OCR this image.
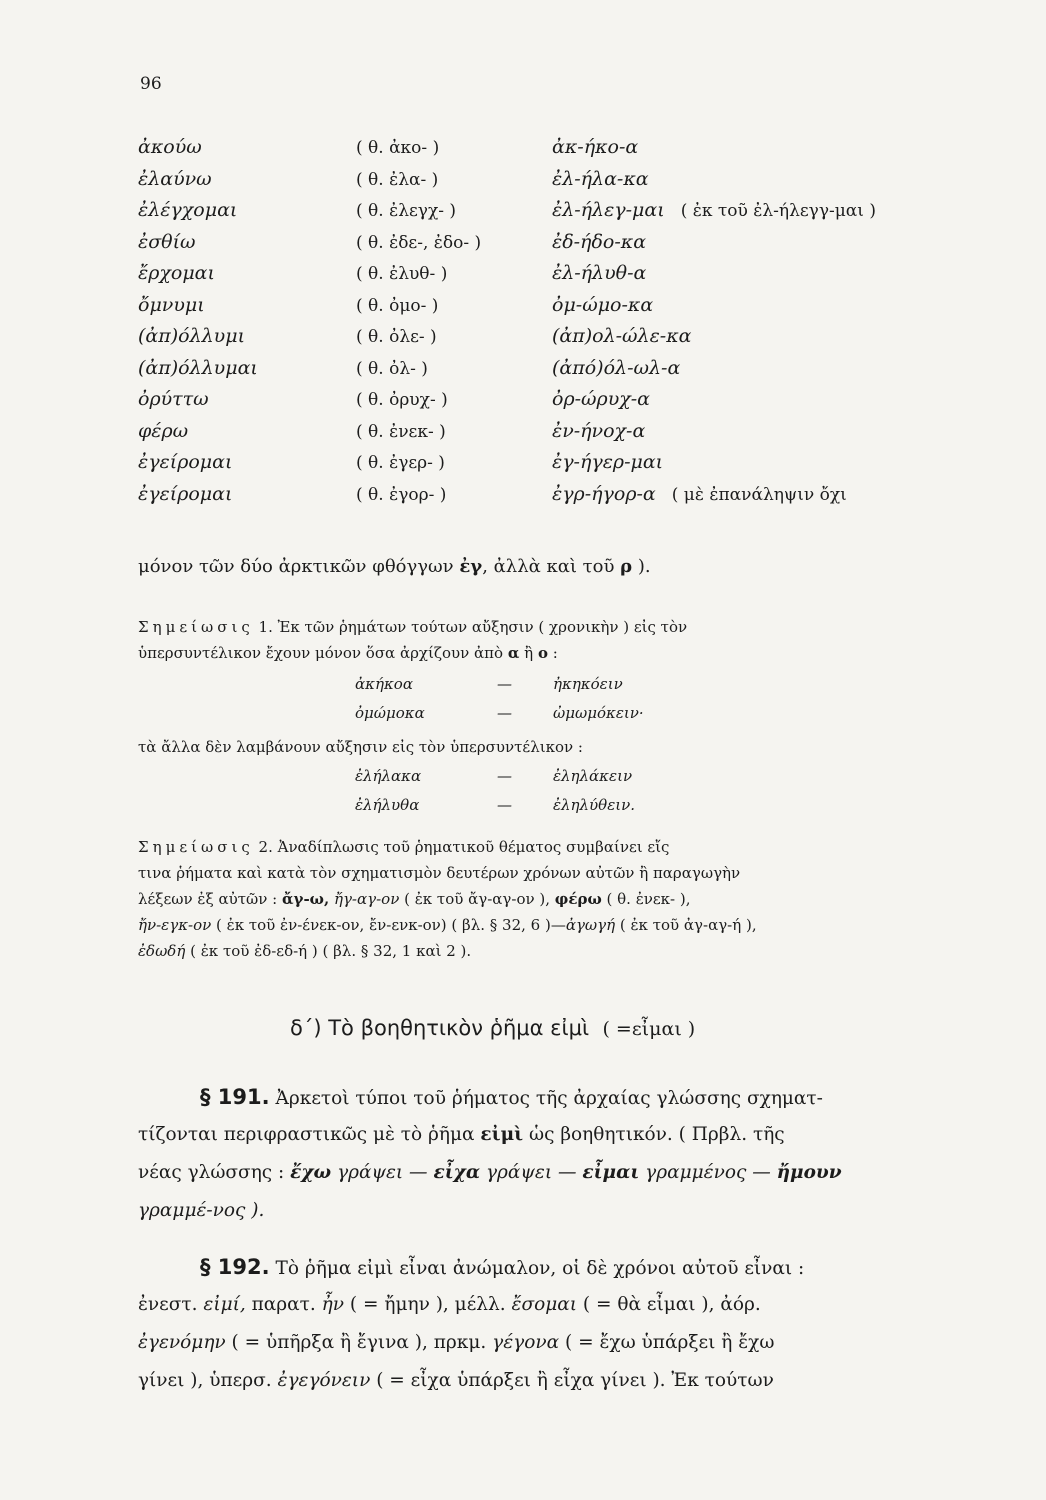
96
ἀκούω	( θ. ἀκο- )	ἀκ-ήκο-α
ἐλαύνω	( θ. ἐλα- )	ἐλ-ήλα-κα
ἐλέγχομαι	( θ. ἐλεγχ- )	ἐλ-ήλεγ-μαι ( ἐκ τοῦ ἐλ-ήλεγγ-μαι )
ἐσθίω	( θ. ἐδε-, ἐδο- )	ἐδ-ήδο-κα
ἔρχομαι	( θ. ἐλυθ- )	ἐλ-ήλυθ-α
ὄμνυμι	( θ. ὀμο- )	ὀμ-ώμο-κα
(ἀπ)όλλυμι	( θ. ὀλε- )	(ἀπ)ολ-ώλε-κα
(ἀπ)όλλυμαι	( θ. ὀλ- )	(ἀπό)όλ-ωλ-α
ὀρύττω	( θ. ὀρυχ- )	ὀρ-ώρυχ-α
φέρω	( θ. ἐνεκ- )	ἐν-ήνοχ-α
ἐγείρομαι	( θ. ἐγερ- )	ἐγ-ήγερ-μαι
ἐγείρομαι	( θ. ἐγορ- )	ἐγρ-ήγορ-α ( μὲ ἐπανάληψιν ὄχι
μόνον τῶν δύο ἀρκτικῶν φθόγγων ἐγ, ἀλλὰ καὶ τοῦ ρ ).
Σημείωσις 1. Ἐκ τῶν ῥημάτων τούτων αὔξησιν ( χρονικὴν ) εἰς τὸν
ὑπερσυντέλικον ἔχουν μόνον ὅσα ἀρχίζουν ἀπὸ α ἢ ο :
ἀκήκοα	—	ἠκηκόειν
ὀμώμοκα	—	ὠμωμόκειν·
τὰ ἄλλα δὲν λαμβάνουν αὔξησιν εἰς τὸν ὑπερσυντέλικον :
ἐλήλακα	—	ἐληλάκειν
ἐλήλυθα	—	ἐληλύθειν.
Σημείωσις 2. Ἀναδίπλωσις τοῦ ῥηματικοῦ θέματος συμβαίνει εἴς
τινα ῥήματα καὶ κατὰ τὸν σχηματισμὸν δευτέρων χρόνων αὐτῶν ἢ παραγωγὴν
λέξεων ἐξ αὐτῶν : ἄγ-ω, ἤγ-αγ-ον ( ἐκ τοῦ ἄγ-αγ-ον ), φέρω ( θ. ἐνεκ- ),
ἤν-εγκ-ον ( ἐκ τοῦ ἐν-ένεκ-ον, ἔν-ενκ-ον) ( βλ. § 32, 6 )—ἀγωγή ( ἐκ τοῦ ἀγ-αγ-ή ),
ἐδωδή ( ἐκ τοῦ ἐδ-εδ-ή ) ( βλ. § 32, 1 καὶ 2 ).
δ΄) Τὸ βοηθητικὸν ῥῆμα εἰμὶ ( =εἶμαι )
§ 191. Ἀρκετοὶ τύποι τοῦ ῥήματος τῆς ἀρχαίας γλώσσης σχηματ-
τίζονται περιφραστικῶς μὲ τὸ ῥῆμα εἰμὶ ὡς βοηθητικόν. ( Πρβλ. τῆς
νέας γλώσσης : ἔχω γράψει — εἶχα γράψει — εἶμαι γραμμένος — ἤμουν
γραμμέ-νος ).
§ 192. Τὸ ῥῆμα εἰμὶ εἶναι ἀνώμαλον, οἱ δὲ χρόνοι αὐτοῦ εἶναι :
ἐνεστ. εἰμί, παρατ. ἦν ( = ἤμην ), μέλλ. ἔσομαι ( = θὰ εἶμαι ), ἀόρ.
ἐγενόμην ( = ὑπῆρξα ἢ ἔγινα ), πρκμ. γέγονα ( = ἔχω ὑπάρξει ἢ ἔχω
γίνει ), ὑπερσ. ἐγεγόνειν ( = εἶχα ὑπάρξει ἢ εἶχα γίνει ). Ἐκ τούτων
